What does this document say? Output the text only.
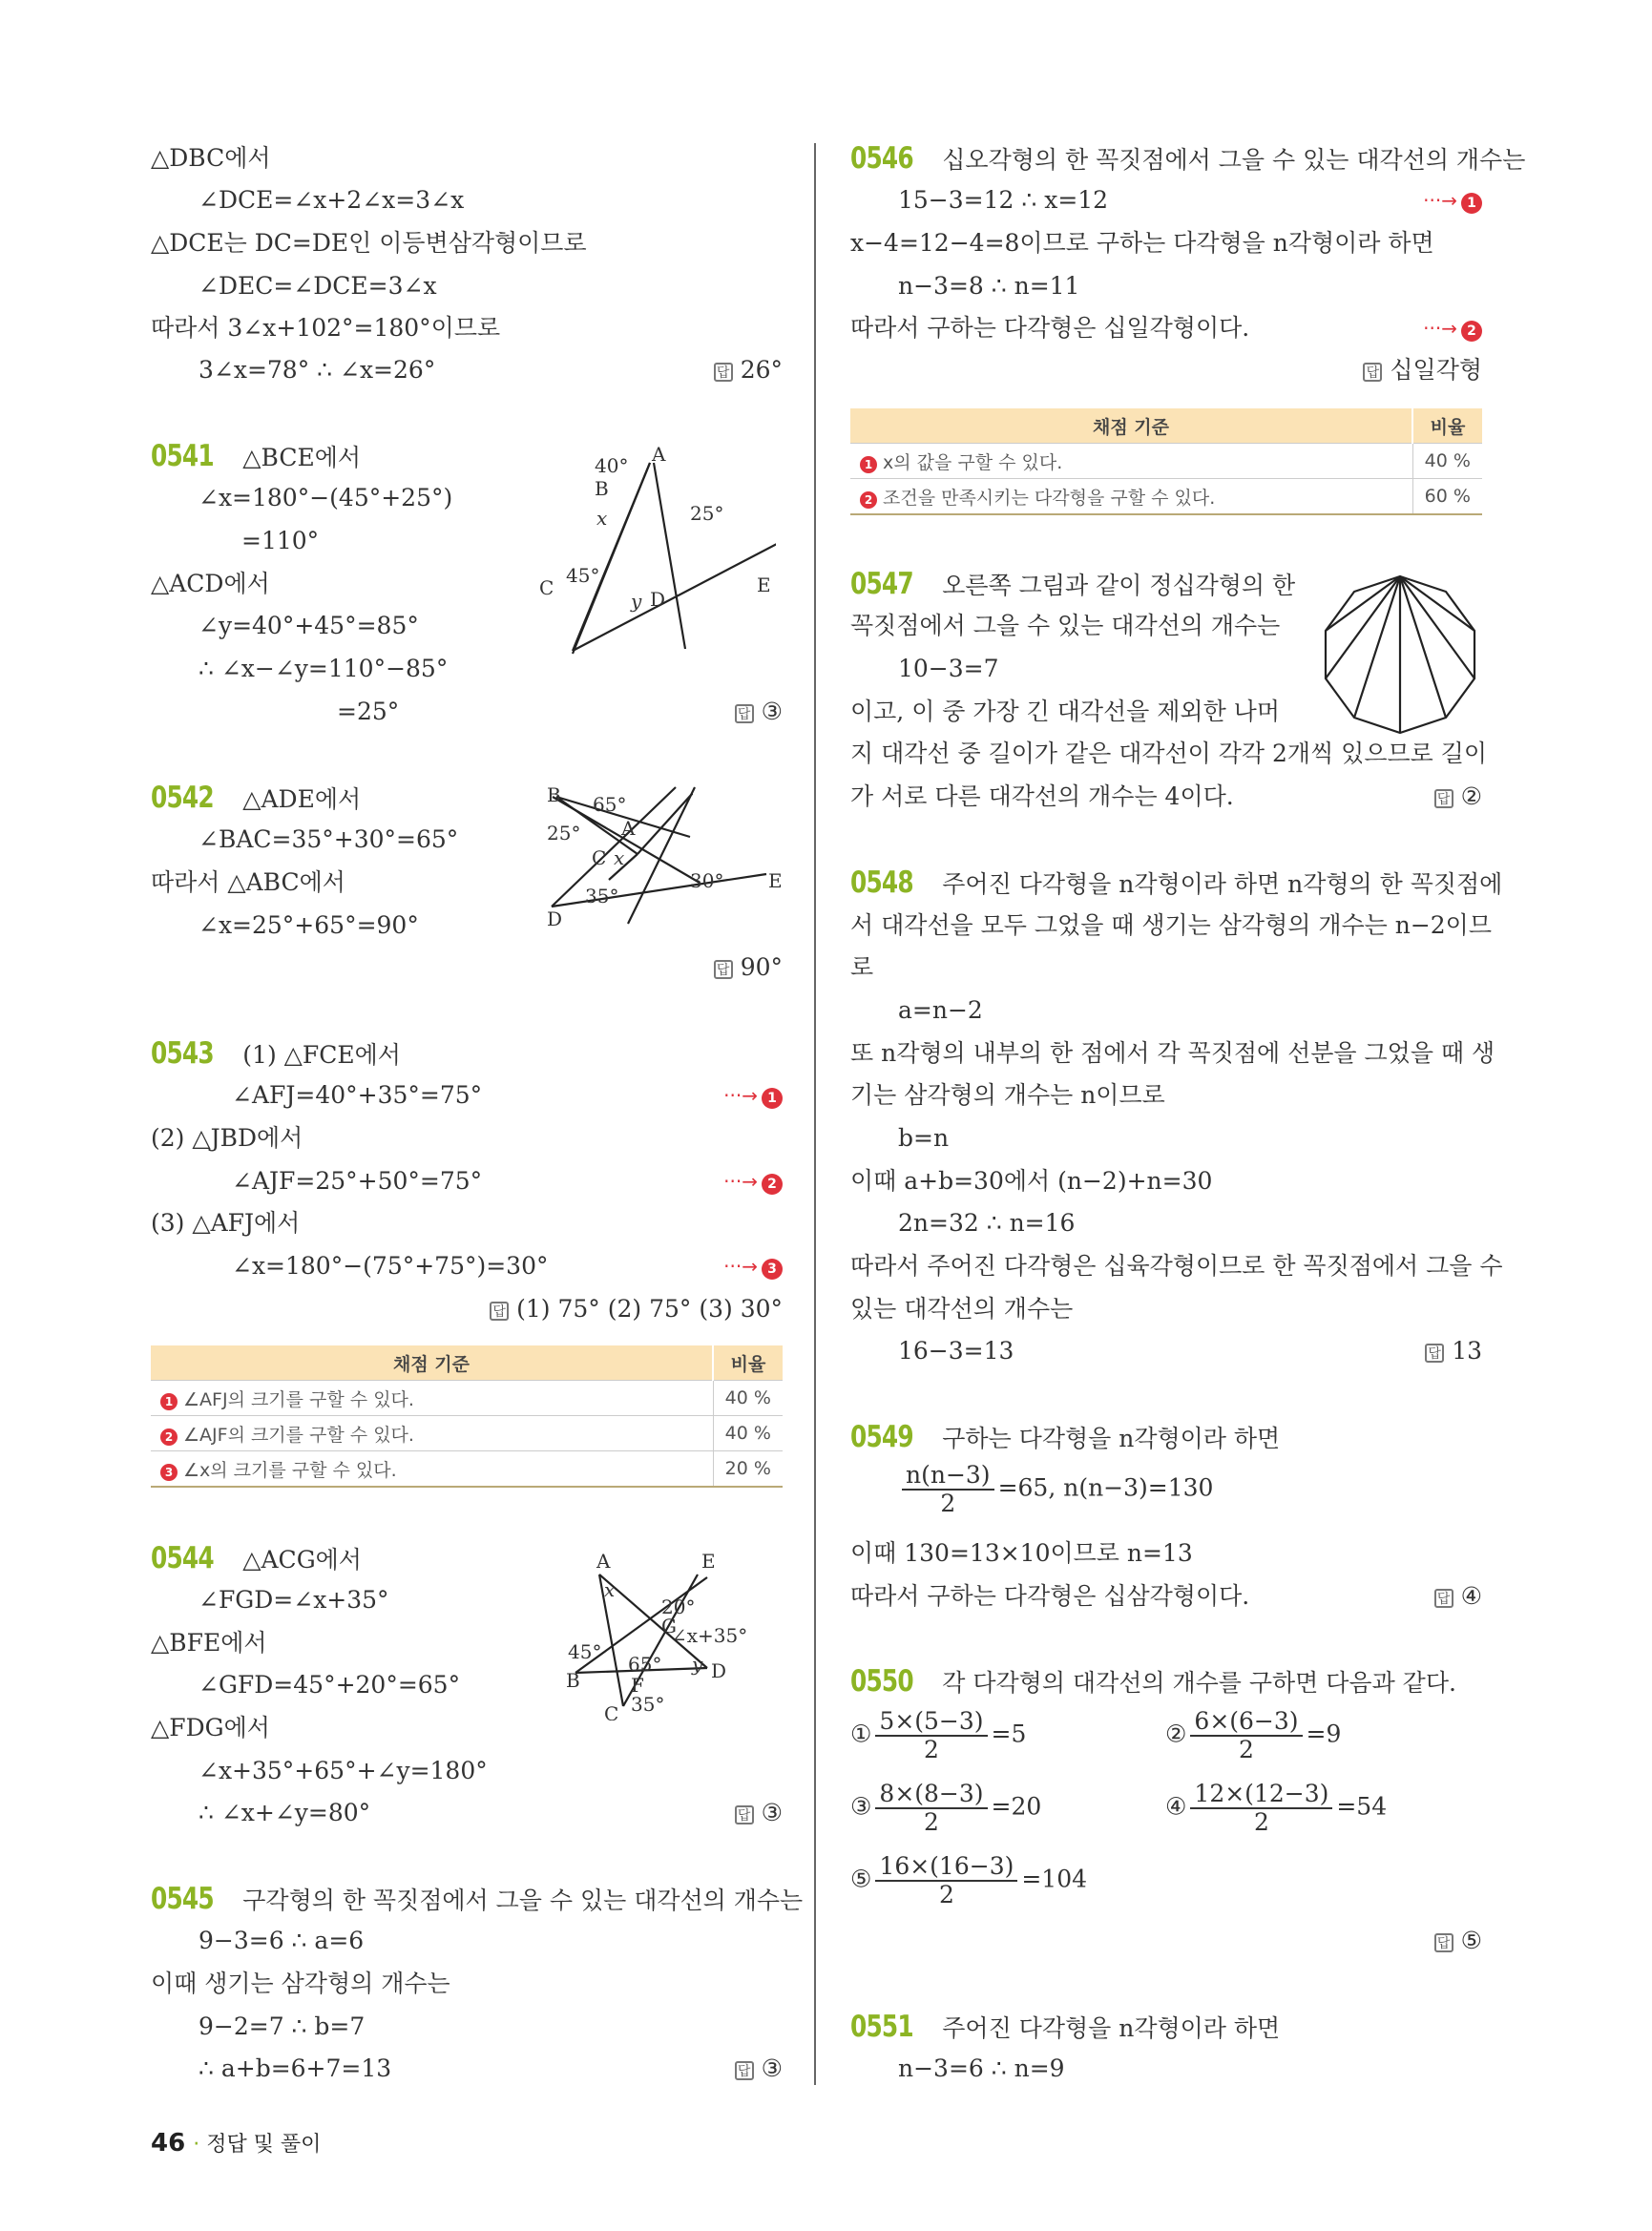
△DBC에서
∠DCE=∠x+2∠x=3∠x
△DCE는 DC=DE인 이등변삼각형이므로
∠DEC=∠DCE=3∠x
따라서 3∠x+102°=180°이므로
3∠x=78° ∴ ∠x=26°	답 26°
0541 △BCE에서
∠x=180°−(45°+25°)
=110°
△ACD에서
∠y=40°+45°=85°
∴ ∠x−∠y=110°−85°
=25°	답 ③
A
B
C	D
E
40°
25°
45°
x
y
0542 △ADE에서
∠BAC=35°+30°=65°
따라서 △ABC에서
∠x=25°+65°=90°
답 90°
B
A
C
D
E
65°
25°
35°
30°
x
0543 (1) △FCE에서
∠AFJ=40°+35°=75°	···→ 1
(2) △JBD에서
∠AJF=25°+50°=75°	···→ 2
(3) △AFJ에서
∠x=180°−(75°+75°)=30°	···→ 3
답 (1) 75° (2) 75° (3) 30°
채점 기준	비율
1 ∠AFJ의 크기를 구할 수 있다.	40 %
2 ∠AJF의 크기를 구할 수 있다.	40 %
3 ∠x의 크기를 구할 수 있다.	20 %
0544 △ACG에서
∠FGD=∠x+35°
△BFE에서
∠GFD=45°+20°=65°
△FDG에서
∠x+35°+65°+∠y=180°
∴ ∠x+∠y=80°	답 ③
A
B
C
D
E
F
G
20°
∠x+35°
45°
65°
35°
x
y
0545 구각형의 한 꼭짓점에서 그을 수 있는 대각선의 개수는
9−3=6 ∴ a=6
이때 생기는 삼각형의 개수는
9−2=7 ∴ b=7
∴ a+b=6+7=13	답 ③
0546 십오각형의 한 꼭짓점에서 그을 수 있는 대각선의 개수는
15−3=12 ∴ x=12	···→ 1
x−4=12−4=8이므로 구하는 다각형을 n각형이라 하면
n−3=8 ∴ n=11
따라서 구하는 다각형은 십일각형이다.	···→ 2
답 십일각형
채점 기준	비율
1 x의 값을 구할 수 있다.	40 %
2 조건을 만족시키는 다각형을 구할 수 있다.	60 %
0547 오른쪽 그림과 같이 정십각형의 한
꼭짓점에서 그을 수 있는 대각선의 개수는
10−3=7
이고, 이 중 가장 긴 대각선을 제외한 나머
지 대각선 중 길이가 같은 대각선이 각각 2개씩 있으므로 길이
가 서로 다른 대각선의 개수는 4이다.	답 ②
0548 주어진 다각형을 n각형이라 하면 n각형의 한 꼭짓점에
서 대각선을 모두 그었을 때 생기는 삼각형의 개수는 n−2이므
로
a=n−2
또 n각형의 내부의 한 점에서 각 꼭짓점에 선분을 그었을 때 생
기는 삼각형의 개수는 n이므로
b=n
이때 a+b=30에서 (n−2)+n=30
2n=32 ∴ n=16
따라서 주어진 다각형은 십육각형이므로 한 꼭짓점에서 그을 수
있는 대각선의 개수는
16−3=13	답 13
0549 구하는 다각형을 n각형이라 하면
$\frac{n(n-3)}{2} =65$, n(n−3)=130
이때 130=13×10이므로 n=13
따라서 구하는 다각형은 십삼각형이다.	답 ④
0550 각 다각형의 대각선의 개수를 구하면 다음과 같다.
① $\frac{5\times(5-3)}{2} =5$	② $\frac{6\times(6-3)}{2} =9$
③ $\frac{8\times(8-3)}{2} =20$	④ $\frac{12\times(12-3)}{2} =54$
⑤ $\frac{16\times(16-3)}{2} =104$
답 ⑤
0551 주어진 다각형을 n각형이라 하면
n−3=6 ∴ n=9
46 · 정답 및 풀이
